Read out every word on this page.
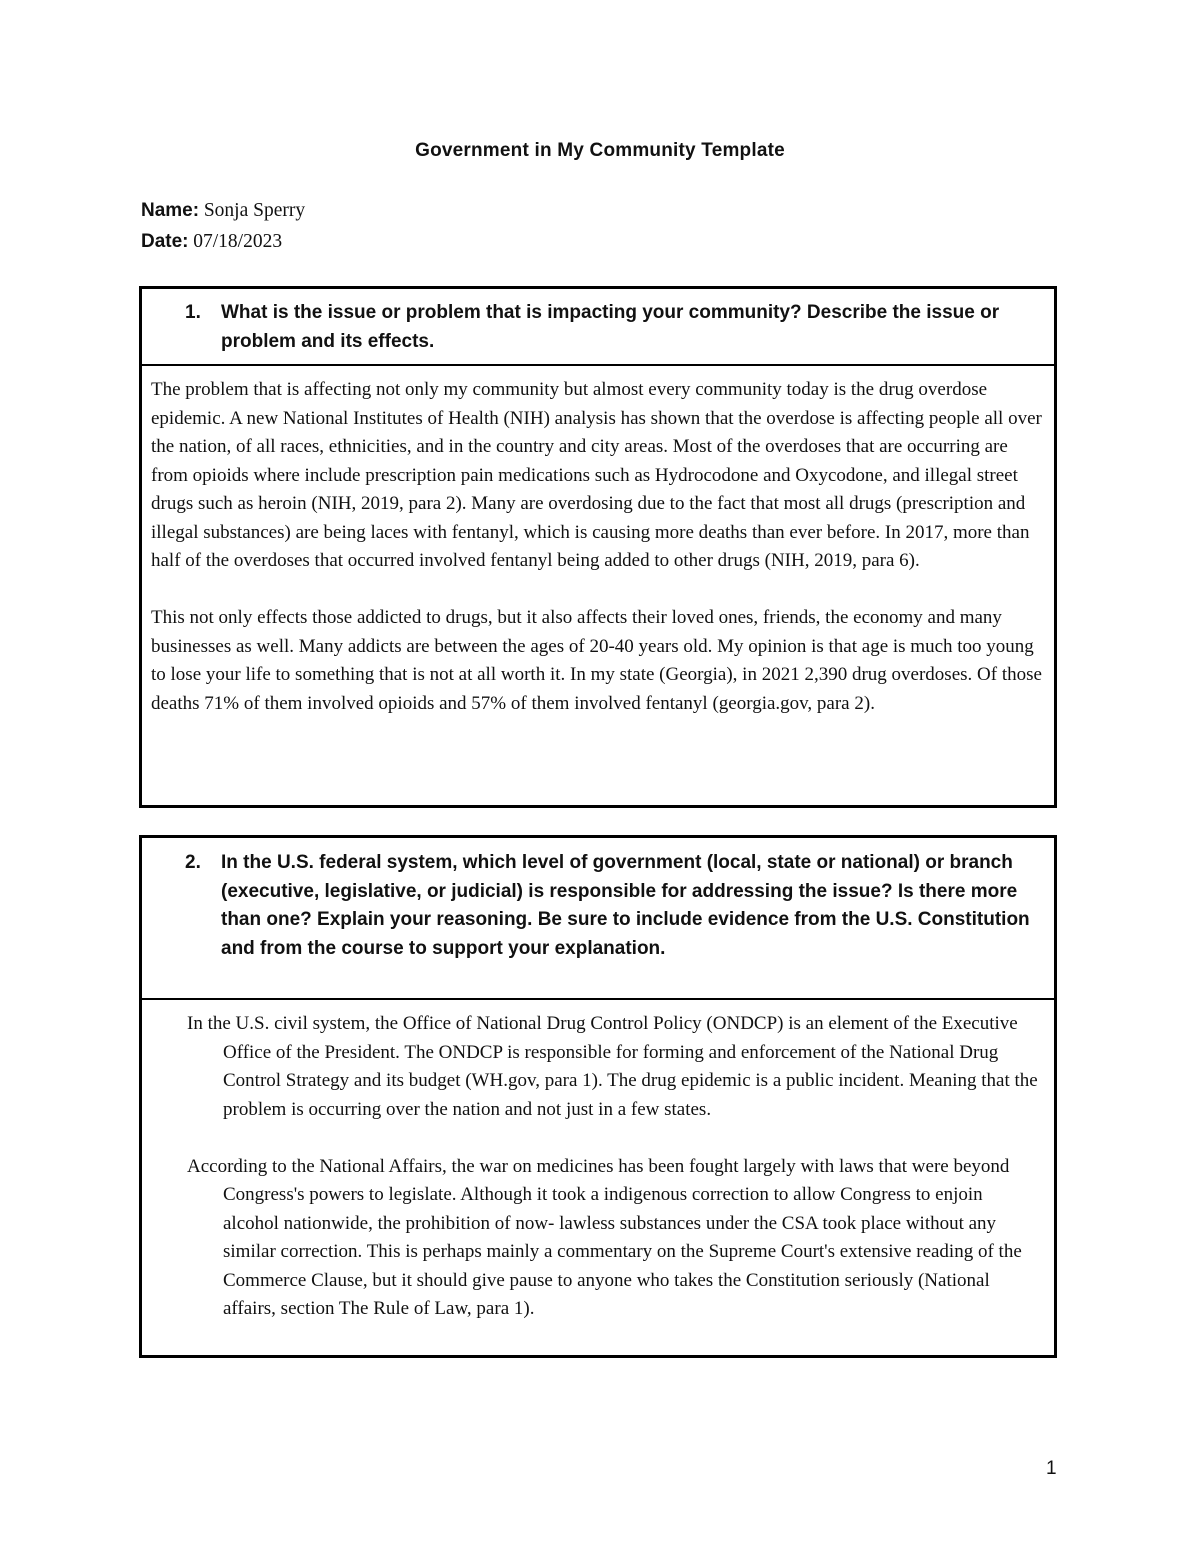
Government in My Community Template

Name: Sonja Sperry

Date: 07/18/2023

1. What is the issue or problem that is impacting your community? Describe the issue or problem and its effects.

The problem that is affecting not only my community but almost every community today is the drug overdose epidemic. A new National Institutes of Health (NIH) analysis has shown that the overdose is affecting people all over the nation, of all races, ethnicities, and in the country and city areas. Most of the overdoses that are occurring are from opioids where include prescription pain medications such as Hydrocodone and Oxycodone, and illegal street drugs such as heroin (NIH, 2019, para 2). Many are overdosing due to the fact that most all drugs (prescription and illegal substances) are being laces with fentanyl, which is causing more deaths than ever before. In 2017, more than half of the overdoses that occurred involved fentanyl being added to other drugs (NIH, 2019, para 6).

This not only effects those addicted to drugs, but it also affects their loved ones, friends, the economy and many businesses as well. Many addicts are between the ages of 20-40 years old. My opinion is that age is much too young to lose your life to something that is not at all worth it. In my state (Georgia), in 2021 2,390 drug overdoses. Of those deaths 71% of them involved opioids and 57% of them involved fentanyl (georgia.gov, para 2).

2. In the U.S. federal system, which level of government (local, state or national) or branch (executive, legislative, or judicial) is responsible for addressing the issue? Is there more than one? Explain your reasoning. Be sure to include evidence from the U.S. Constitution and from the course to support your explanation.

In the U.S. civil system, the Office of National Drug Control Policy (ONDCP) is an element of the Executive Office of the President. The ONDCP is responsible for forming and enforcement of the National Drug Control Strategy and its budget (WH.gov, para 1). The drug epidemic is a public incident. Meaning that the problem is occurring over the nation and not just in a few states.

According to the National Affairs, the war on medicines has been fought largely with laws that were beyond Congress's powers to legislate. Although it took a indigenous correction to allow Congress to enjoin alcohol nationwide, the prohibition of now- lawless substances under the CSA took place without any similar correction. This is perhaps mainly a commentary on the Supreme Court's extensive reading of the Commerce Clause, but it should give pause to anyone who takes the Constitution seriously (National affairs, section The Rule of Law, para 1).

1
